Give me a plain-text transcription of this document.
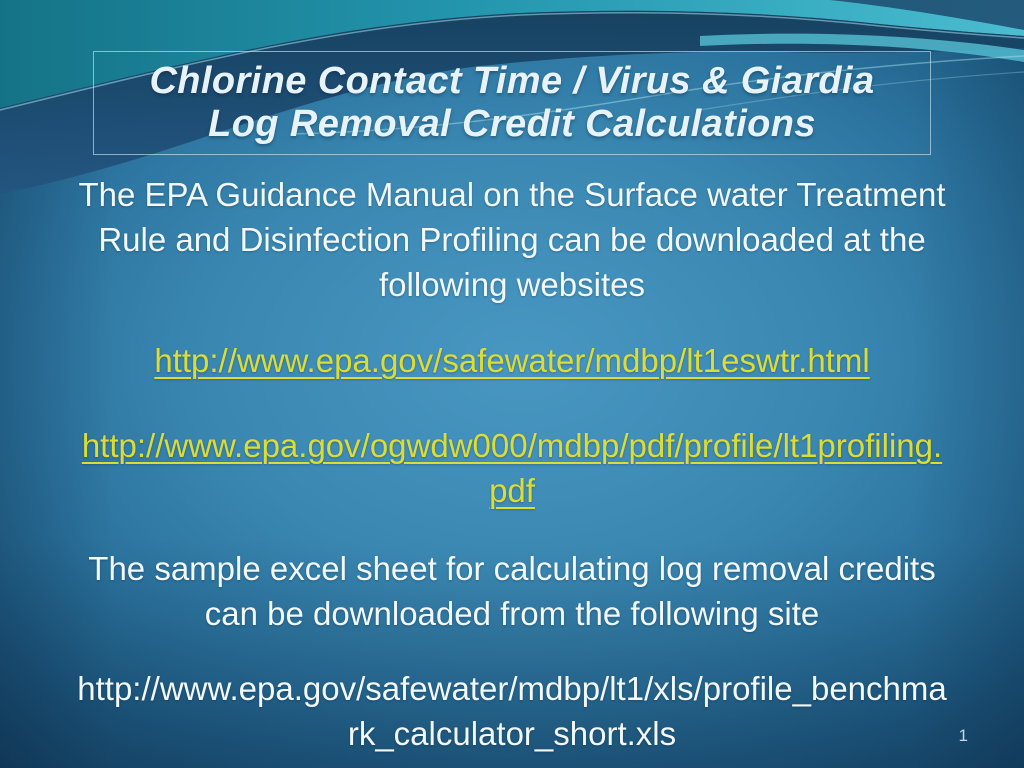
Chlorine Contact Time / Virus & Giardia
Log Removal Credit Calculations
The EPA Guidance Manual on the Surface water Treatment
Rule and Disinfection Profiling can be downloaded at the
following websites
http://www.epa.gov/safewater/mdbp/lt1eswtr.html
http://www.epa.gov/ogwdw000/mdbp/pdf/profile/lt1profiling.
pdf
The sample excel sheet for calculating log removal credits
can be downloaded from the following site
http://www.epa.gov/safewater/mdbp/lt1/xls/profile_benchma
rk_calculator_short.xls	1
